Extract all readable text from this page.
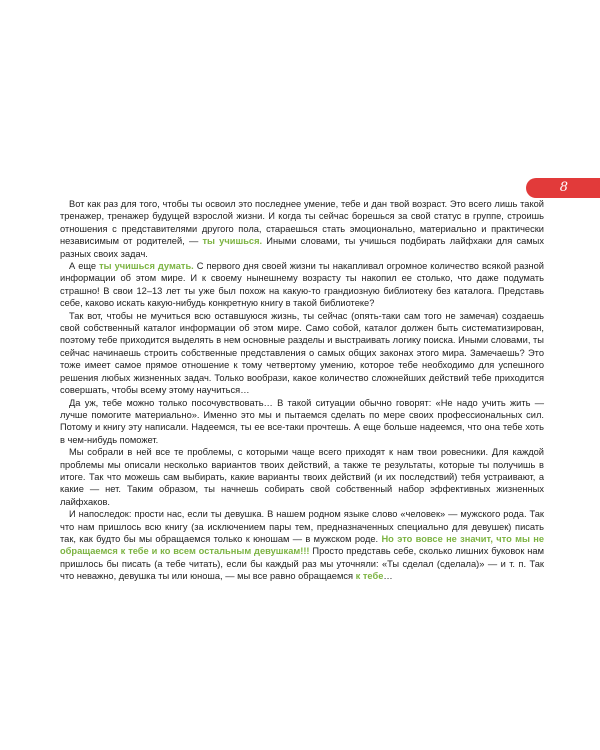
8

Вот как раз для того, чтобы ты освоил это последнее умение, тебе и дан твой возраст. Это всего лишь такой тренажер, тренажер будущей взрослой жизни. И когда ты сейчас борешься за свой статус в группе, строишь отношения с представителями другого пола, стараешься стать эмоционально, материально и практически независимым от родителей, — ты учишься. Иными словами, ты учишься подбирать лайфхаки для самых разных своих задач.

А еще ты учишься думать. С первого дня своей жизни ты накапливал огромное количество всякой разной информации об этом мире. И к своему нынешнему возрасту ты накопил ее столько, что даже подумать страшно! В свои 12–13 лет ты уже был похож на какую-то грандиозную библиотеку без каталога. Представь себе, каково искать какую-нибудь конкретную книгу в такой библиотеке?

Так вот, чтобы не мучиться всю оставшуюся жизнь, ты сейчас (опять-таки сам того не замечая) создаешь свой собственный каталог информации об этом мире. Само собой, каталог должен быть систематизирован, поэтому тебе приходится выделять в нем основные разделы и выстраивать логику поиска. Иными словами, ты сейчас начинаешь строить собственные представления о самых общих законах этого мира. Замечаешь? Это тоже имеет самое прямое отношение к тому четвертому умению, которое тебе необходимо для успешного решения любых жизненных задач. Только вообрази, какое количество сложнейших действий тебе приходится совершать, чтобы всему этому научиться…

Да уж, тебе можно только посочувствовать… В такой ситуации обычно говорят: «Не надо учить жить — лучше помогите материально». Именно это мы и пытаемся сделать по мере своих профессиональных сил. Потому и книгу эту написали. Надеемся, ты ее все-таки прочтешь. А еще больше надеемся, что она тебе хоть в чем-нибудь поможет.

Мы собрали в ней все те проблемы, с которыми чаще всего приходят к нам твои ровесники. Для каждой проблемы мы описали несколько вариантов твоих действий, а также те результаты, которые ты получишь в итоге. Так что можешь сам выбирать, какие варианты твоих действий (и их последствий) тебя устраивают, а какие — нет. Таким образом, ты начнешь собирать свой собственный набор эффективных жизненных лайфхаков.

И напоследок: прости нас, если ты девушка. В нашем родном языке слово «человек» — мужского рода. Так что нам пришлось всю книгу (за исключением пары тем, предназначенных специально для девушек) писать так, как будто бы мы обращаемся только к юношам — в мужском роде. Но это вовсе не значит, что мы не обращаемся к тебе и ко всем остальным девушкам!!! Просто представь себе, сколько лишних буковок нам пришлось бы писать (а тебе читать), если бы каждый раз мы уточняли: «Ты сделал (сделала)» — и т. п. Так что неважно, девушка ты или юноша, — мы все равно обращаемся к тебе…
